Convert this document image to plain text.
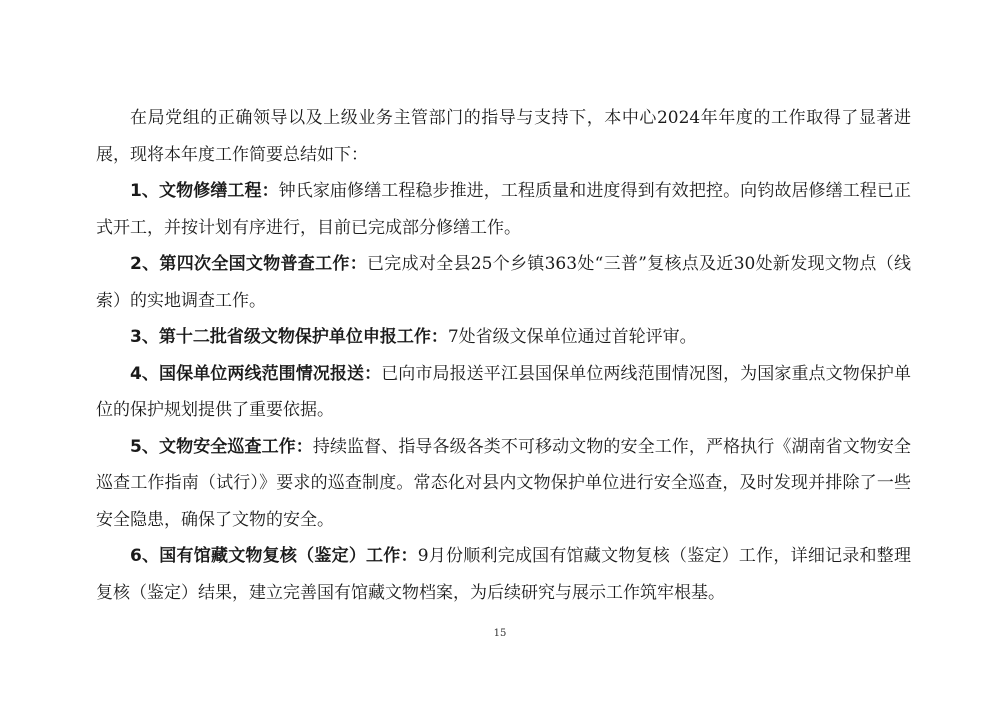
在局党组的正确领导以及上级业务主管部门的指导与支持下，本中心2024年年度的工作取得了显著进展，现将本年度工作简要总结如下：

1、文物修缮工程：钟氏家庙修缮工程稳步推进，工程质量和进度得到有效把控。向钧故居修缮工程已正式开工，并按计划有序进行，目前已完成部分修缮工作。

2、第四次全国文物普查工作：已完成对全县25个乡镇363处“三普”复核点及近30处新发现文物点（线索）的实地调查工作。

3、第十二批省级文物保护单位申报工作：7处省级文保单位通过首轮评审。

4、国保单位两线范围情况报送：已向市局报送平江县国保单位两线范围情况图，为国家重点文物保护单位的保护规划提供了重要依据。

5、文物安全巡查工作：持续监督、指导各级各类不可移动文物的安全工作，严格执行《湖南省文物安全巡查工作指南（试行）》要求的巡查制度。常态化对县内文物保护单位进行安全巡查，及时发现并排除了一些安全隐患，确保了文物的安全。

6、国有馆藏文物复核（鉴定）工作：9月份顺利完成国有馆藏文物复核（鉴定）工作，详细记录和整理复核（鉴定）结果，建立完善国有馆藏文物档案，为后续研究与展示工作筑牢根基。

15
